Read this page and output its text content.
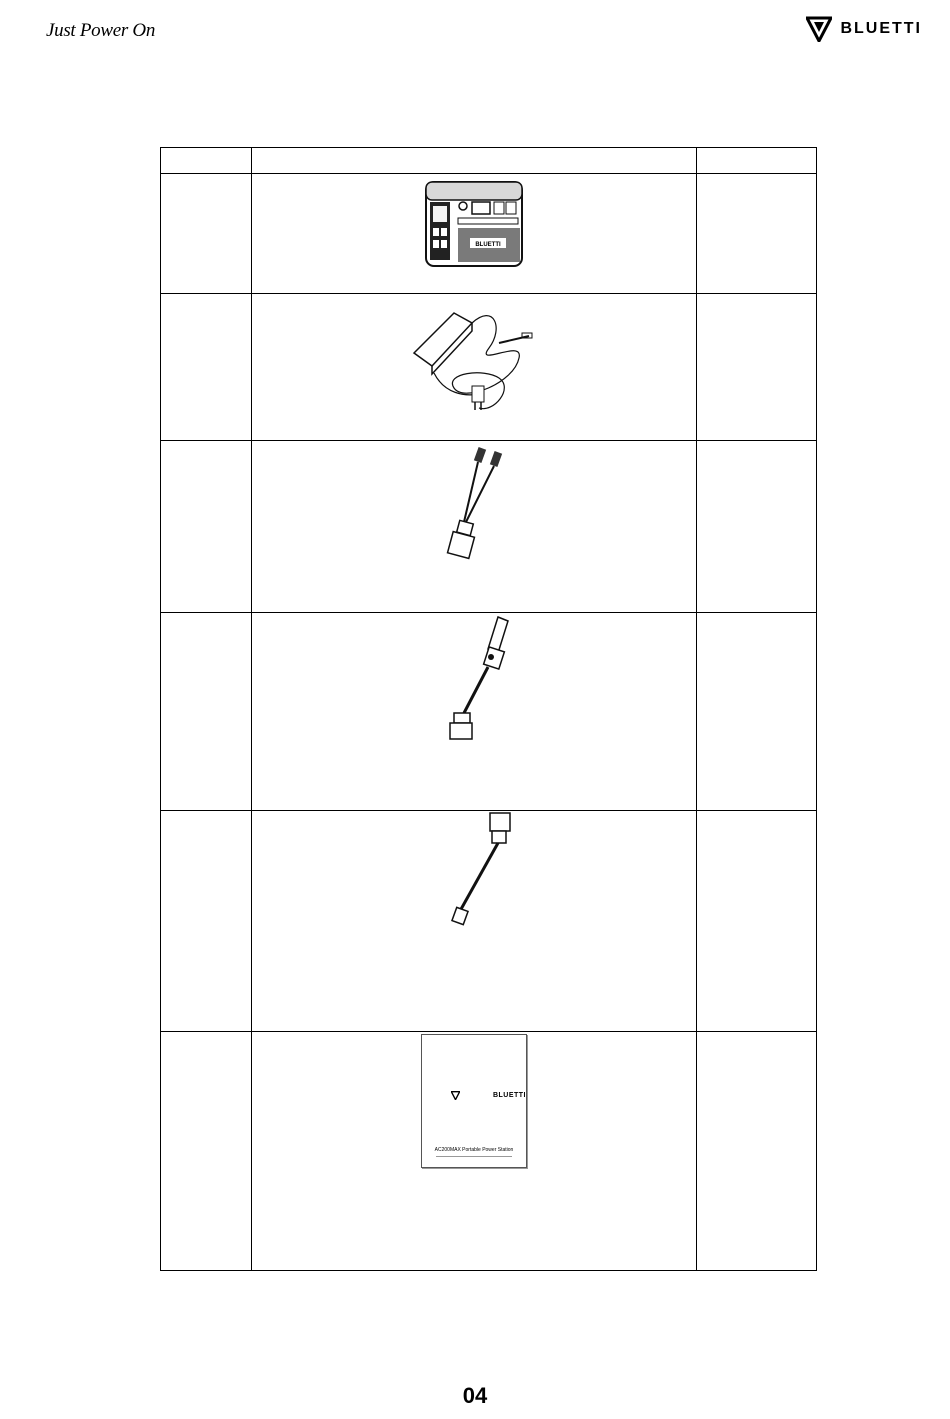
Just Power On	BLUETTI

BLUETTI	

	BLUETTI
AC200MAX Portable Power Station	

04
